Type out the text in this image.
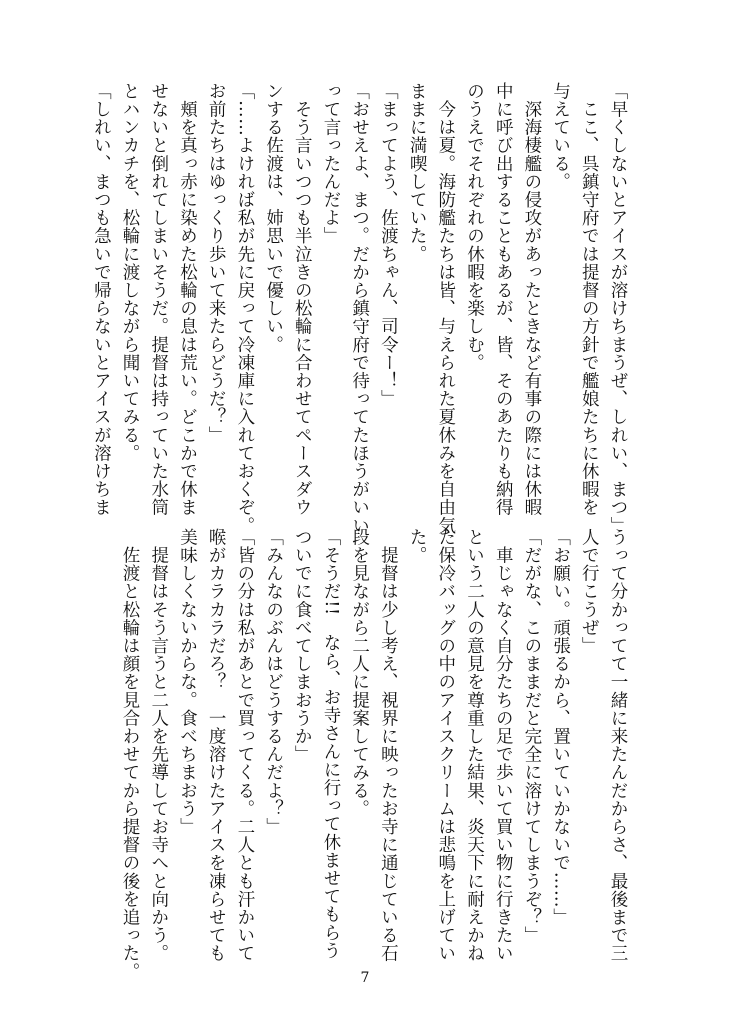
「早くしないとアイスが溶けちまうぜ、しれい、まつ」
　ここ、呉鎮守府では提督の方針で艦娘たちに休暇を
与えている。
　深海棲艦の侵攻があったときなど有事の際には休暇
中に呼び出することもあるが、皆、そのあたりも納得
のうえでそれぞれの休暇を楽しむ。
　今は夏。海防艦たちは皆、与えられた夏休みを自由気
ままに満喫していた。
「まってよう、佐渡ちゃん、司令ー！」
「おせえよ、まつ。だから鎮守府で待ってたほうがいい
って言ったんだよ」
　そう言いつつも半泣きの松輪に合わせてペースダウ
ンする佐渡は、姉思いで優しい。
「……よければ私が先に戻って冷凍庫に入れておくぞ。
お前たちはゆっくり歩いて来たらどうだ？」
　頬を真っ赤に染めた松輪の息は荒い。どこかで休ま
せないと倒れてしまいそうだ。提督は持っていた水筒
とハンカチを、松輪に渡しながら聞いてみる。
「しれい、まつも急いで帰らないとアイスが溶けちま
うって分かってて一緒に来たんだからさ、最後まで三
人で行こうぜ」
「お願い。頑張るから、置いていかないで……」
「だがな、このままだと完全に溶けてしまうぞ？」
　車じゃなく自分たちの足で歩いて買い物に行きたい
という二人の意見を尊重した結果、炎天下に耐えかね
た保冷バッグの中のアイスクリームは悲鳴を上げてい
た。
　提督は少し考え、視界に映ったお寺に通じている石
段を見ながら二人に提案してみる。
「そうだ!!　なら、お寺さんに行って休ませてもらう
ついでに食べてしまおうか」
「みんなのぶんはどうするんだよ？」
「皆の分は私があとで買ってくる。二人とも汗かいて
喉がカラカラだろ？　一度溶けたアイスを凍らせても
美味しくないからな。食べちまおう」
　提督はそう言うと二人を先導してお寺へと向かう。
　佐渡と松輪は顔を見合わせてから提督の後を追った。	7
